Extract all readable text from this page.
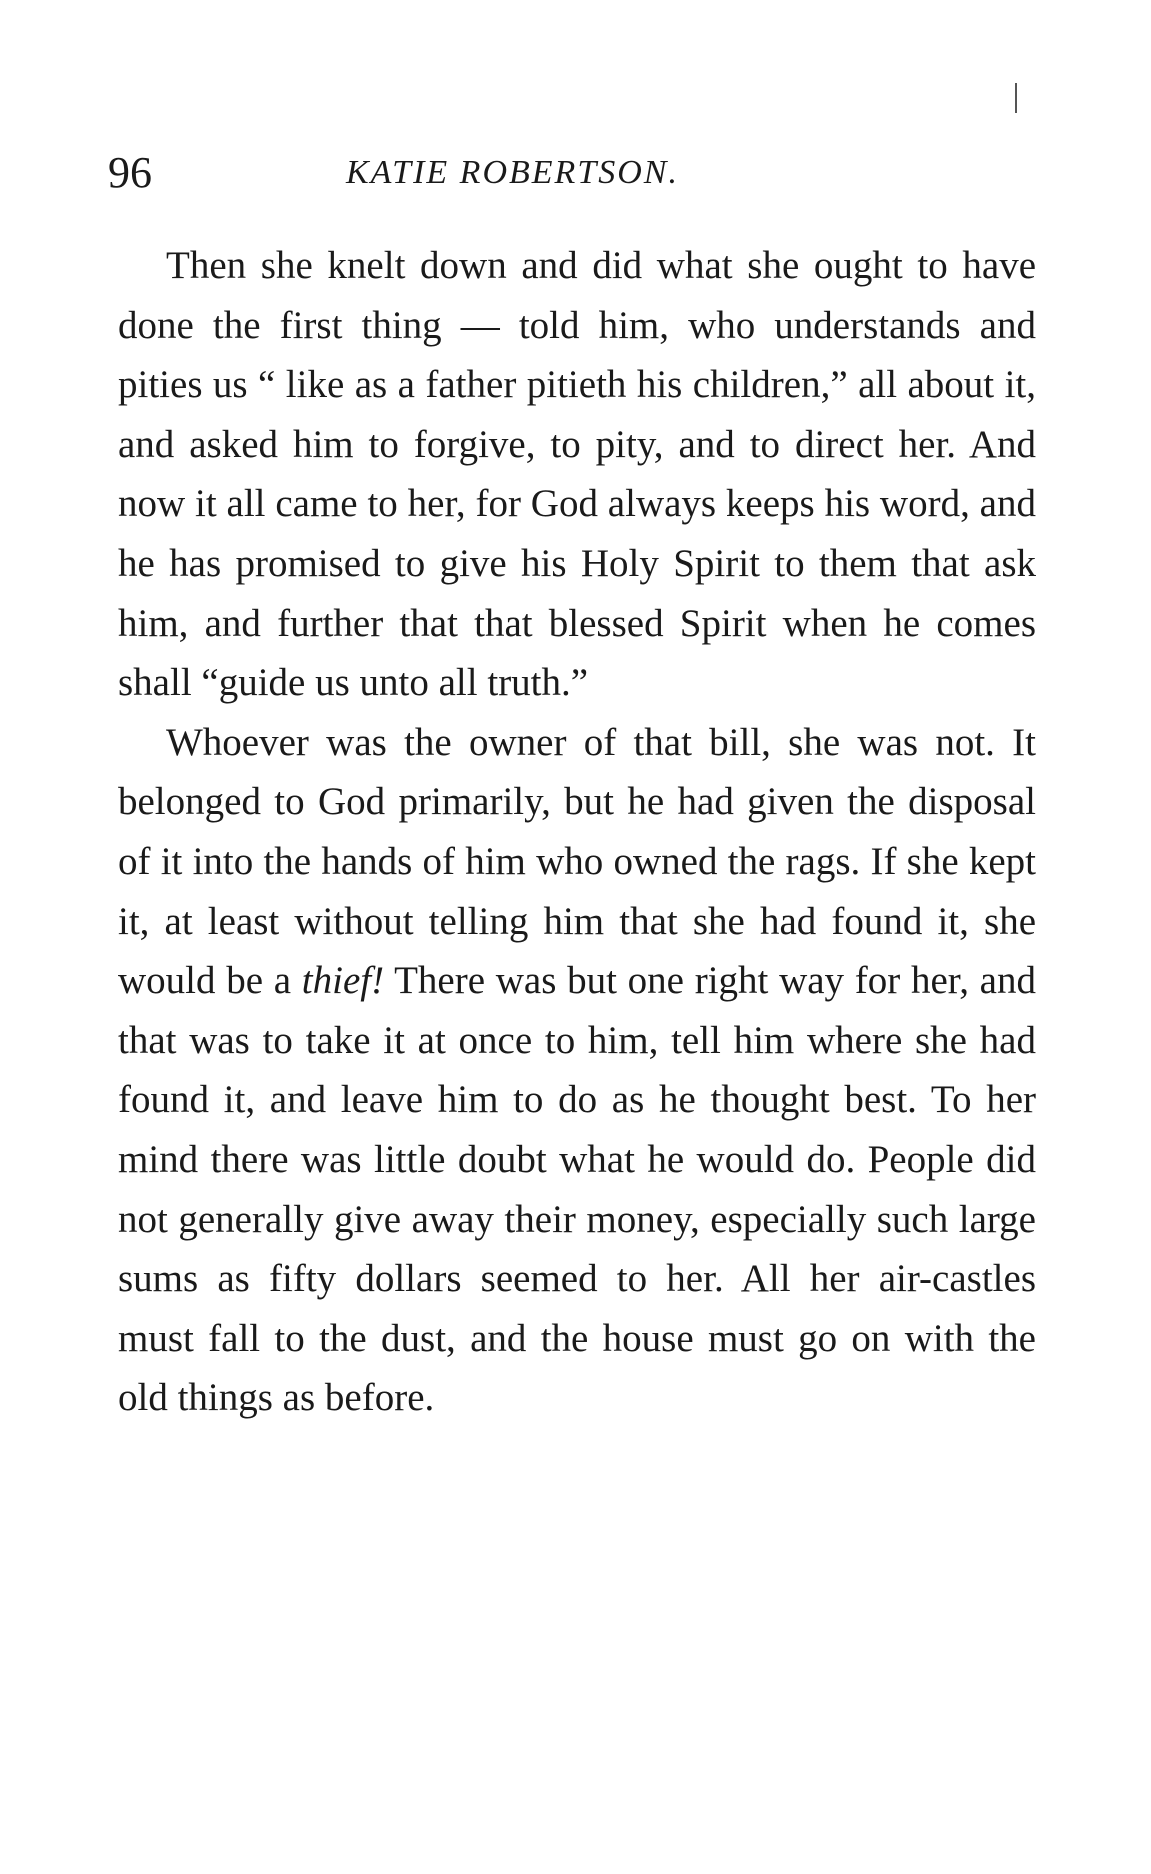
96	KATIE ROBERTSON.

Then she knelt down and did what she ought to have done the first thing — told him, who understands and pities us “ like as a father pitieth his children,” all about it, and asked him to forgive, to pity, and to direct her. And now it all came to her, for God always keeps his word, and he has promised to give his Holy Spirit to them that ask him, and further that that blessed Spirit when he comes shall “guide us unto all truth.”

Whoever was the owner of that bill, she was not. It belonged to God primarily, but he had given the disposal of it into the hands of him who owned the rags. If she kept it, at least without telling him that she had found it, she would be a thief! There was but one right way for her, and that was to take it at once to him, tell him where she had found it, and leave him to do as he thought best. To her mind there was little doubt what he would do. People did not generally give away their money, especially such large sums as fifty dollars seemed to her. All her air-castles must fall to the dust, and the house must go on with the old things as before.
